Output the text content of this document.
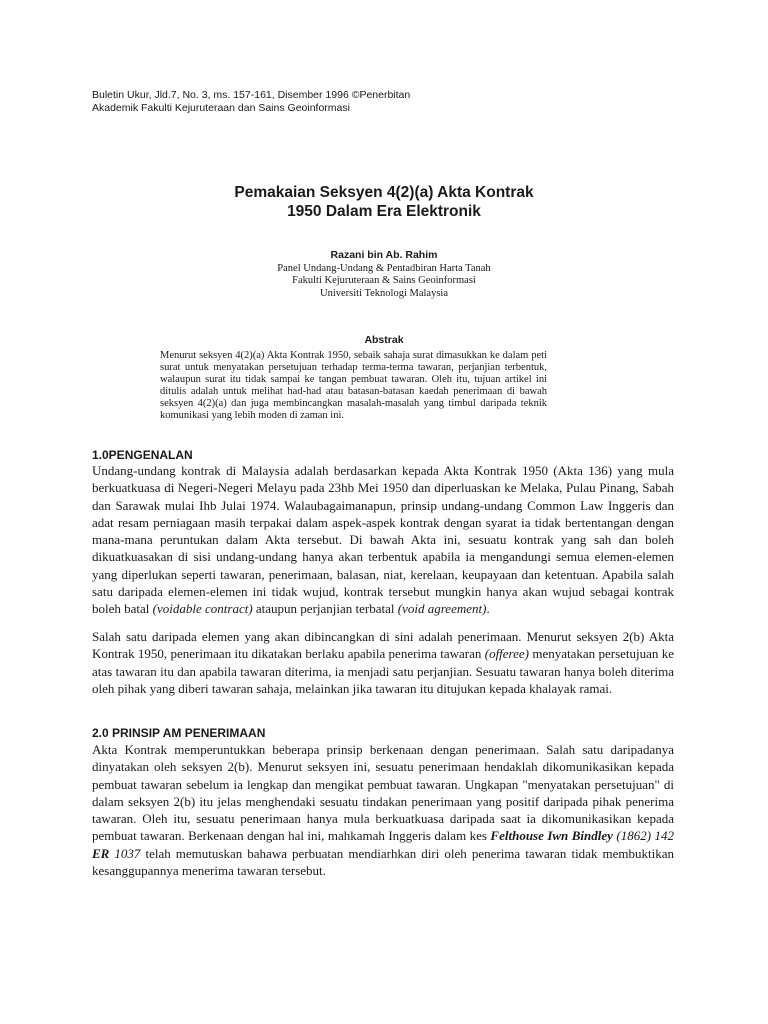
Buletin Ukur, Jld.7, No. 3, ms. 157-161, Disember 1996 ©Penerbitan
Akademik Fakulti Kejuruteraan dan Sains Geoinformasi
Pemakaian Seksyen 4(2)(a) Akta Kontrak
1950 Dalam Era Elektronik
Razani bin Ab. Rahim
Panel Undang-Undang & Pentadbiran Harta Tanah
Fakulti Kejuruteraan & Sains Geoinformasi
Universiti Teknologi Malaysia
Abstrak
Menurut seksyen 4(2)(a) Akta Kontrak 1950, sebaik sahaja surat dimasukkan ke dalam peti surat untuk menyatakan persetujuan terhadap terma-terma tawaran, perjanjian terbentuk, walaupun surat itu tidak sampai ke tangan pembuat tawaran. Oleh itu, tujuan artikel ini ditulis adalah untuk melihat had-had atau batasan-batasan kaedah penerimaan di bawah seksyen 4(2)(a) dan juga membincangkan masalah-masalah yang timbul daripada teknik komunikasi yang lebih moden di zaman ini.
1.0PENGENALAN

Undang-undang kontrak di Malaysia adalah berdasarkan kepada Akta Kontrak 1950 (Akta 136) yang mula berkuatkuasa di Negeri-Negeri Melayu pada 23hb Mei 1950 dan diperluaskan ke Melaka, Pulau Pinang, Sabah dan Sarawak mulai Ihb Julai 1974. Walaubagaimanapun, prinsip undang-undang Common Law Inggeris dan adat resam perniagaan masih terpakai dalam aspek-aspek kontrak dengan syarat ia tidak bertentangan dengan mana-mana peruntukan dalam Akta tersebut. Di bawah Akta ini, sesuatu kontrak yang sah dan boleh dikuatkuasakan di sisi undang-undang hanya akan terbentuk apabila ia mengandungi semua elemen-elemen yang diperlukan seperti tawaran, penerimaan, balasan, niat, kerelaan, keupayaan dan ketentuan. Apabila salah satu daripada elemen-elemen ini tidak wujud, kontrak tersebut mungkin hanya akan wujud sebagai kontrak boleh batal (voidable contract) ataupun perjanjian terbatal (void agreement).

Salah satu daripada elemen yang akan dibincangkan di sini adalah penerimaan. Menurut seksyen 2(b) Akta Kontrak 1950, penerimaan itu dikatakan berlaku apabila penerima tawaran (offeree) menyatakan persetujuan ke atas tawaran itu dan apabila tawaran diterima, ia menjadi satu perjanjian. Sesuatu tawaran hanya boleh diterima oleh pihak yang diberi tawaran sahaja, melainkan jika tawaran itu ditujukan kepada khalayak ramai.

2.0 PRINSIP AM PENERIMAAN

Akta Kontrak memperuntukkan beberapa prinsip berkenaan dengan penerimaan. Salah satu daripadanya dinyatakan oleh seksyen 2(b). Menurut seksyen ini, sesuatu penerimaan hendaklah dikomunikasikan kepada pembuat tawaran sebelum ia lengkap dan mengikat pembuat tawaran. Ungkapan "menyatakan persetujuan" di dalam seksyen 2(b) itu jelas menghendaki sesuatu tindakan penerimaan yang positif daripada pihak penerima tawaran. Oleh itu, sesuatu penerimaan hanya mula berkuatkuasa daripada saat ia dikomunikasikan kepada pembuat tawaran. Berkenaan dengan hal ini, mahkamah Inggeris dalam kes Felthouse Iwn Bindley (1862) 142 ER 1037 telah memutuskan bahawa perbuatan mendiarhkan diri oleh penerima tawaran tidak membuktikan kesanggupannya menerima tawaran tersebut.
